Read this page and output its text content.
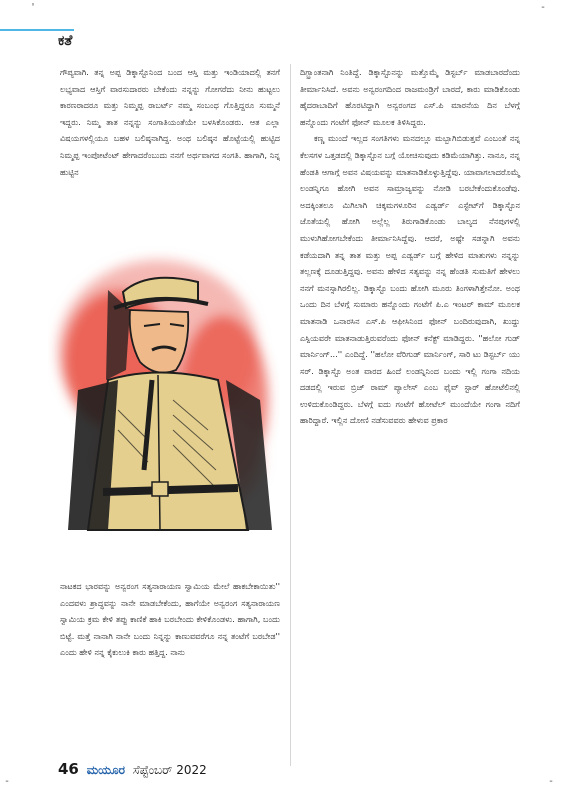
'	-
-	-
ಕತೆ

ಗೌಪ್ಯವಾಗಿ. ತನ್ನ ಅಪ್ಪ ಡಿಕ್ಕಾಸ್ಟೊನಿಂದ ಬಂದ ಆಸ್ತಿ ಮತ್ತು ಇಂಡಿಯಾದಲ್ಲಿ ತನಗೆ ಲಭ್ಯವಾದ ಆಸ್ತಿಗೆ ವಾರಸುದಾರರು ಬೇಕೆಂದು ನನ್ನನ್ನು ಗೋಗರೆದು ನೀನು ಹುಟ್ಟಲು ಕಾರಣರಾದರೂ ಮತ್ತು ನಿಮ್ಮಪ್ಪ ರಾಬರ್ಟ್ ನಮ್ಮ ಸಂಬಂಧ ಗೊತ್ತಿದ್ದರೂ ಸುಮ್ಮನೆ ಇದ್ದರು. ನಿಮ್ಮ ತಾತ ನನ್ನನ್ನು ಸಂಗಾತಿಯಂತೆಯೇ ಬಳಸಿಕೊಂಡರು. ಆತ ಎಲ್ಲಾ ವಿಷಯಗಳಲ್ಲಿಯೂ ಬಹಳ ಬಲಿಷ್ಠನಾಗಿದ್ದ. ಅಂಥ ಬಲಿಷ್ಠನ ಹೊಟ್ಟೆಯಲ್ಲಿ ಹುಟ್ಟಿದ ನಿಮ್ಮಪ್ಪ ಇಂಪೋಟೆಂಟ್ ಹೇಗಾದರೆಂಬುದು ನನಗೆ ಅರ್ಥವಾಗದ ಸಂಗತಿ. ಹಾಗಾಗಿ, ನಿನ್ನ ಹುಟ್ಟಿನ

ನಾಟಕದ ಭಾರವನ್ನು ಅನ್ವರಂಗ ಸತ್ಯನಾರಾಯಣ ಸ್ವಾಮಿಯ ಮೇಲೆ ಹಾಕಬೇಕಾಯಿತು'' ಎಂದವಳು ಶ್ರಾದ್ಧವನ್ನು ನಾನೇ ಮಾಡಬೇಕೆಂದು, ಹಾಗೆಯೇ ಅನ್ವರಂಗ ಸತ್ಯನಾರಾಯಣ ಸ್ವಾಮಿಯ ಕ್ರಮ ಕೇಳಿ ತಪ್ಪು ಕಾಣಿಕೆ ಹಾಕಿ ಬರಬೇಂದು ಕೇಳಿಕೊಂಡಳು. ಹಾಗಾಗಿ, ಬಂದು ಬಿಟ್ಟೆ. ಮತ್ತೆ ನಾನಾಗಿ ನಾನೇ ಬಂದು ನಿನ್ನನ್ನು ಕಾಣುವವರೆಗೂ ನನ್ನ ತಂಟೆಗೆ ಬರಬೇಡ'' ಎಂದು ಹೇಳಿ ನನ್ನ ಕೈಕುಲುಕಿ ಕಾರು ಹತ್ತಿದ್ದ. ನಾನು

ದಿಗ್ಭ್ರಾಂತನಾಗಿ ನಿಂತಿದ್ದೆ. ಡಿಕ್ಕಾಸ್ಟೊನನ್ನು ಮತ್ತೊಮ್ಮೆ ಡಿಸ್ಟರ್ಬ್ ಮಾಡಬಾರದೆಂದು ತೀರ್ಮಾನಿಸಿದೆ. ಅವನು ಅನ್ವರಂಗದಿಂದ ರಾಜಮಂಡ್ರಿಗೆ ಬಾರದೆ, ಕಾರು ಮಾಡಿಕೊಂಡು ಹೈದರಾಬಾದಿಗೆ ಹೊರಟಿದ್ದಾಗಿ ಅನ್ವರಂಗದ ಎಸ್.ಪಿ ಮಾರನೆಯ ದಿನ ಬೆಳಗ್ಗೆ ಹನ್ನೊಂದು ಗಂಟೆಗೆ ಫೋನ್ ಮೂಲಕ ತಿಳಿಸಿದ್ದರು.

ಕಣ್ಣ ಮುಂದೆ ಇಲ್ಲದ ಸಂಗತಿಗಳು ಮನದಲ್ಲೂ ಮಬ್ಬಾಗಿಬಿಡುತ್ತವೆ ಎಂಬಂತೆ ನನ್ನ ಕೆಲಸಗಳ ಒತ್ತಡದಲ್ಲಿ ಡಿಕ್ಕಾಸ್ಟೊನ ಬಗ್ಗೆ ಯೋಚಿಸುವುದು ಕಡಿಮೆಯಾಗಿತ್ತು. ನಾನೂ, ನನ್ನ ಹೆಂಡತಿ ಆಗಾಗ್ಗೆ ಅವನ ವಿಷಯವನ್ನು ಮಾತನಾಡಿಕೊಳ್ಳುತ್ತಿದ್ದೆವು. ಯಾವಾಗಲಾದರೊಮ್ಮೆ ಲಂಡನ್ನಿಗೂ ಹೋಗಿ ಅವನ ಸಾಮ್ರಾಜ್ಯವನ್ನು ನೋಡಿ ಬರಬೇಕೆಂದುಕೊಂಡೆವು. ಅದಕ್ಕಿಂತಲೂ ಮಿಗಿಲಾಗಿ ಚಿಕ್ಕಮಗಳೂರಿನ ಎಡ್ವರ್ಡ್ ಎಸ್ಟೇಟ್‌ಗೆ ಡಿಕ್ಕಾಸ್ಟೊನ ಜೊತೆಯಲ್ಲಿ ಹೋಗಿ ಅಲ್ಲೆಲ್ಲ ತಿರುಗಾಡಿಕೊಂಡು ಬಾಲ್ಯದ ನೆನಪುಗಳಲ್ಲಿ ಮುಳುಗಿಹೋಗಬೇಕೆಂದು ತೀರ್ಮಾನಿಸಿದ್ದೆವು. ಆದರೆ, ಅಷ್ಟೇ ಸಡನ್ನಾಗಿ ಅವನು ಕಡೆಯದಾಗಿ ತನ್ನ ತಾತ ಮತ್ತು ಅಪ್ಪ ಎಡ್ವರ್ಡ್ ಬಗ್ಗೆ ಹೇಳಿದ ಮಾತುಗಳು ನನ್ನನ್ನು ತಲ್ಲಣಕ್ಕೆ ದೂಡುತ್ತಿದ್ದವು. ಅವನು ಹೇಳಿದ ಸತ್ಯವನ್ನು ನನ್ನ ಹೆಂಡತಿ ಸುಮತಿಗೆ ಹೇಳಲು ನನಗೆ ಮನಸ್ಸಾಗಿರಲಿಲ್ಲ. ಡಿಕ್ಕಾಸ್ಟೊ ಬಂದು ಹೋಗಿ ಮೂರು ತಿಂಗಳಾಗಿತ್ತೇನೋ. ಅಂಥ ಒಂದು ದಿನ ಬೆಳಗ್ಗೆ ಸುಮಾರು ಹನ್ನೊಂದು ಗಂಟೆಗೆ ಪಿ.ಎ ಇಂಟರ್ ಕಾಮ್ ಮೂಲಕ ಮಾತನಾಡಿ ಒನಾರಸಿನ ಎಸ್.ಪಿ ಆಫೀಸಿನಿಂದ ಫೋನ್ ಬಂದಿರುವುದಾಗಿ, ಖುದ್ದು ಎಸ್ಪಿಯವರೇ ಮಾತನಾಡುತ್ತಿರುವರೆಂದು ಫೋನ್ ಕನೆಕ್ಟ್ ಮಾಡಿದ್ದರು. ''ಹಲೋ ಗುಡ್ ಮಾರ್ನಿಂಗ್...'' ಎಂದಿದ್ದೆ. ''ಹಲೋ ವೆರಿಗುಡ್ ಮಾರ್ನಿಂಗ್, ಸಾರಿ ಟು ಡಿಸ್ಟರ್ಬ್ ಯು ಸರ್. ಡಿಕ್ಕಾಸ್ಟೊ ಅಂತ ವಾರದ ಹಿಂದೆ ಲಂಡನ್ನಿನಿಂದ ಬಂದು ಇಲ್ಲಿ ಗಂಗಾ ನದಿಯ ದಡದಲ್ಲಿ ಇರುವ ಬ್ರಿಜ್ ರಾಮ್ ಪ್ಯಾಲೇಸ್ ಎಂಬ ಫೈವ್ ಸ್ಟಾರ್ ಹೋಟೆಲಿನಲ್ಲಿ ಉಳಿದುಕೊಂಡಿದ್ದರು. ಬೆಳಗ್ಗೆ ಐದು ಗಂಟೆಗೆ ಹೋಟೆಲ್ ಮುಂದೆಯೇ ಗಂಗಾ ನದಿಗೆ ಹಾರಿದ್ದಾರೆ. ಇಲ್ಲಿನ ದೋಣಿ ನಡೆಸುವವರು ಹೇಳುವ ಪ್ರಕಾರ

46 ಮಯೂರ ಸೆಪ್ಟೆಂಬರ್ 2022
